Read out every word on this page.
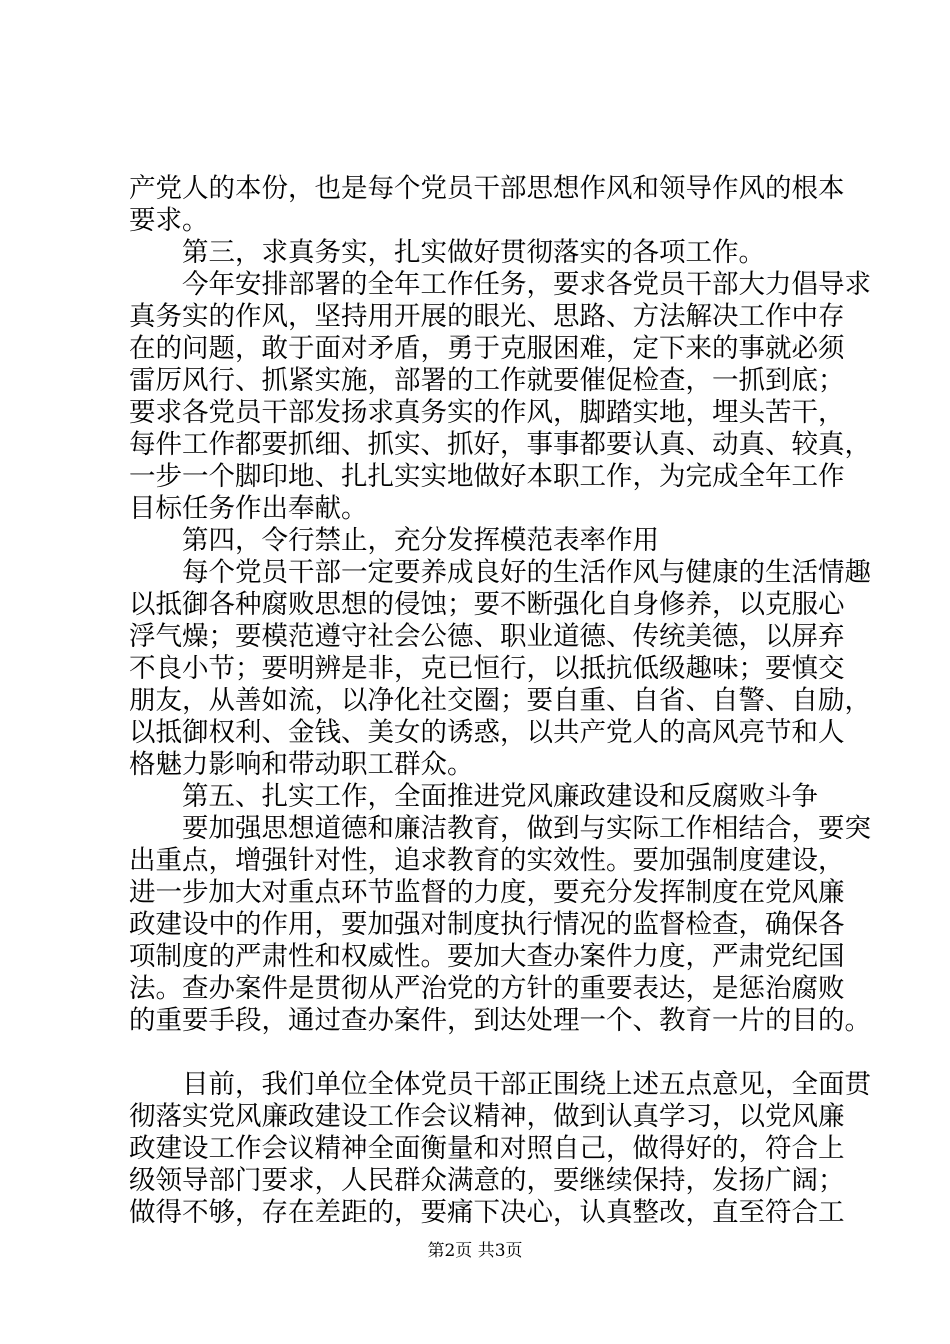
产党人的本份，也是每个党员干部思想作风和领导作风的根本
要求。
　　第三，求真务实，扎实做好贯彻落实的各项工作。
　　今年安排部署的全年工作任务，要求各党员干部大力倡导求
真务实的作风，坚持用开展的眼光、思路、方法解决工作中存
在的问题，敢于面对矛盾，勇于克服困难，定下来的事就必须
雷厉风行、抓紧实施，部署的工作就要催促检查，一抓到底；
要求各党员干部发扬求真务实的作风，脚踏实地，埋头苦干，
每件工作都要抓细、抓实、抓好，事事都要认真、动真、较真，
一步一个脚印地、扎扎实实地做好本职工作，为完成全年工作
目标任务作出奉献。
　　第四，令行禁止，充分发挥模范表率作用
　　每个党员干部一定要养成良好的生活作风与健康的生活情趣
以抵御各种腐败思想的侵蚀；要不断强化自身修养，以克服心
浮气燥；要模范遵守社会公德、职业道德、传统美德，以屏弃
不良小节；要明辨是非，克已恒行，以抵抗低级趣味；要慎交
朋友，从善如流，以净化社交圈；要自重、自省、自警、自励，
以抵御权利、金钱、美女的诱惑，以共产党人的高风亮节和人
格魅力影响和带动职工群众。
　　第五、扎实工作，全面推进党风廉政建设和反腐败斗争
　　要加强思想道德和廉洁教育，做到与实际工作相结合，要突
出重点，增强针对性，追求教育的实效性。要加强制度建设，
进一步加大对重点环节监督的力度，要充分发挥制度在党风廉
政建设中的作用，要加强对制度执行情况的监督检查，确保各
项制度的严肃性和权威性。要加大查办案件力度，严肃党纪国
法。查办案件是贯彻从严治党的方针的重要表达，是惩治腐败
的重要手段，通过查办案件，到达处理一个、教育一片的目的。
　　目前，我们单位全体党员干部正围绕上述五点意见，全面贯
彻落实党风廉政建设工作会议精神，做到认真学习，以党风廉
政建设工作会议精神全面衡量和对照自己，做得好的，符合上
级领导部门要求，人民群众满意的，要继续保持，发扬广阔；
做得不够，存在差距的，要痛下决心，认真整改，直至符合工
第2页 共3页
